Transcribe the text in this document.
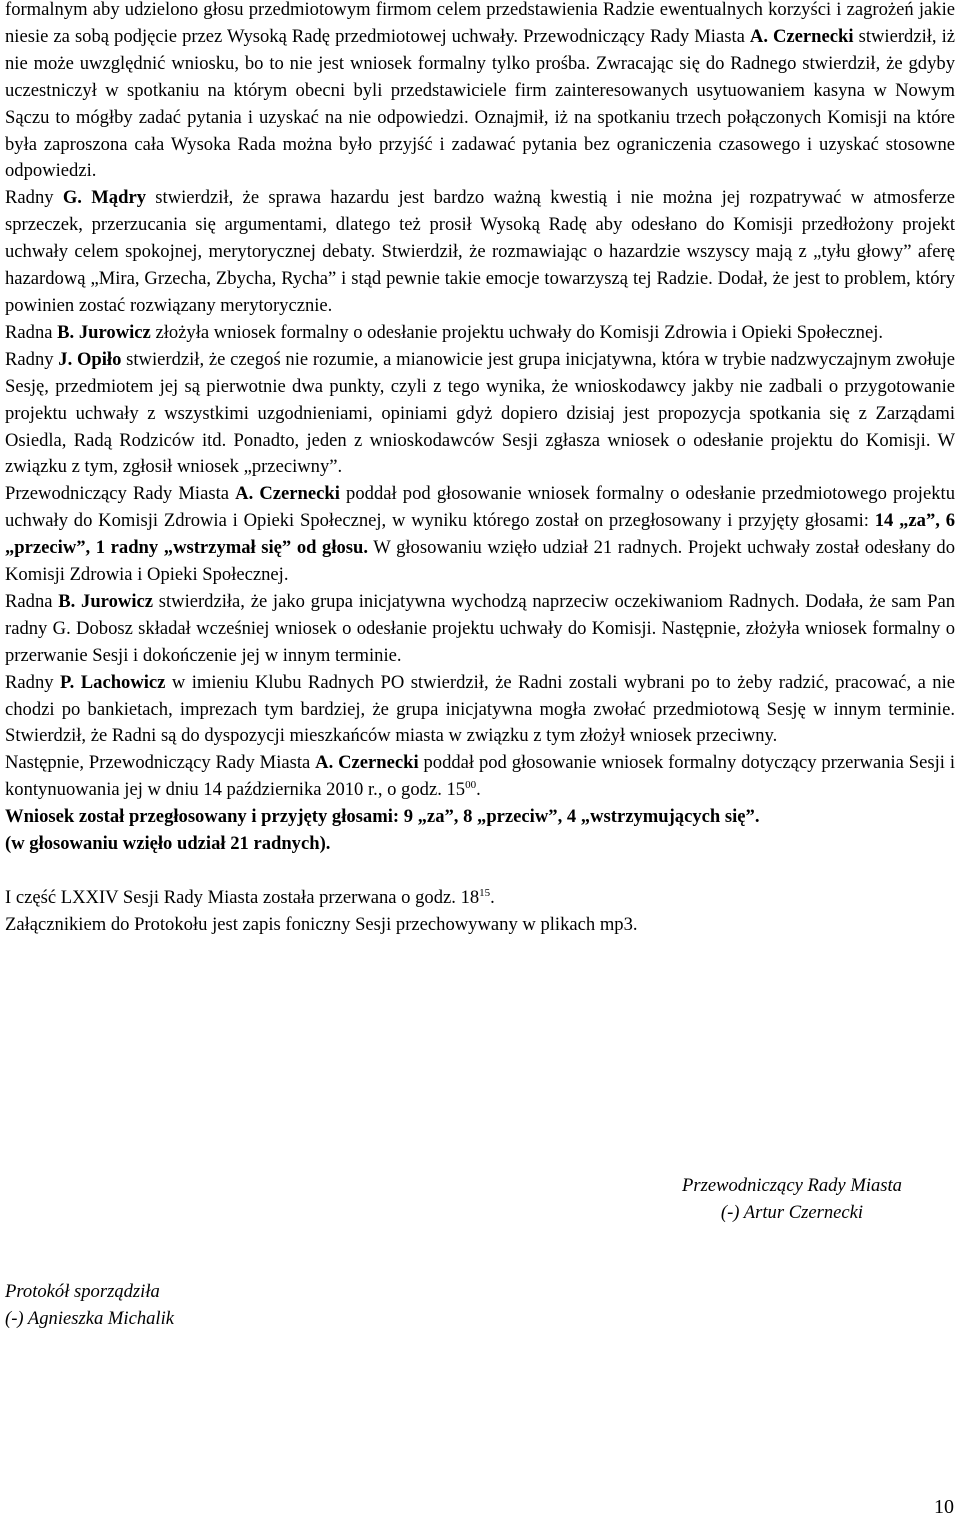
formalnym aby udzielono głosu przedmiotowym firmom celem przedstawienia Radzie ewentualnych korzyści i zagrożeń jakie niesie za sobą podjęcie przez Wysoką Radę przedmiotowej uchwały. Przewodniczący Rady Miasta A. Czernecki stwierdził, iż nie może uwzględnić wniosku, bo to nie jest wniosek formalny tylko prośba. Zwracając się do Radnego stwierdził, że gdyby uczestniczył w spotkaniu na którym obecni byli przedstawiciele firm zainteresowanych usytuowaniem kasyna w Nowym Sączu to mógłby zadać pytania i uzyskać na nie odpowiedzi. Oznajmił, iż na spotkaniu trzech połączonych Komisji na które była zaproszona cała Wysoka Rada można było przyjść i zadawać pytania bez ograniczenia czasowego i uzyskać stosowne odpowiedzi.

Radny G. Mądry stwierdził, że sprawa hazardu jest bardzo ważną kwestią i nie można jej rozpatrywać w atmosferze sprzeczek, przerzucania się argumentami, dlatego też prosił Wysoką Radę aby odesłano do Komisji przedłożony projekt uchwały celem spokojnej, merytorycznej debaty. Stwierdził, że rozmawiając o hazardzie wszyscy mają z „tyłu głowy” aferę hazardową „Mira, Grzecha, Zbycha, Rycha” i stąd pewnie takie emocje towarzyszą tej Radzie. Dodał, że jest to problem, który powinien zostać rozwiązany merytorycznie.

Radna B. Jurowicz złożyła wniosek formalny o odesłanie projektu uchwały do Komisji Zdrowia i Opieki Społecznej.

Radny J. Opiło stwierdził, że czegoś nie rozumie, a mianowicie jest grupa inicjatywna, która w trybie nadzwyczajnym zwołuje Sesję, przedmiotem jej są pierwotnie dwa punkty, czyli z tego wynika, że wnioskodawcy jakby nie zadbali o przygotowanie projektu uchwały z wszystkimi uzgodnieniami, opiniami gdyż dopiero dzisiaj jest propozycja spotkania się z Zarządami Osiedla, Radą Rodziców itd. Ponadto, jeden z wnioskodawców Sesji zgłasza wniosek o odesłanie projektu do Komisji. W związku z tym, zgłosił wniosek „przeciwny”.

Przewodniczący Rady Miasta A. Czernecki poddał pod głosowanie wniosek formalny o odesłanie przedmiotowego projektu uchwały do Komisji Zdrowia i Opieki Społecznej, w wyniku którego został on przegłosowany i przyjęty głosami: 14 „za”, 6 „przeciw”, 1 radny „wstrzymał się” od głosu. W głosowaniu wzięło udział 21 radnych. Projekt uchwały został odesłany do Komisji Zdrowia i Opieki Społecznej.

Radna B. Jurowicz stwierdziła, że jako grupa inicjatywna wychodzą naprzeciw oczekiwaniom Radnych. Dodała, że sam Pan radny G. Dobosz składał wcześniej wniosek o odesłanie projektu uchwały do Komisji. Następnie, złożyła wniosek formalny o przerwanie Sesji i dokończenie jej w innym terminie.

Radny P. Lachowicz w imieniu Klubu Radnych PO stwierdził, że Radni zostali wybrani po to żeby radzić, pracować, a nie chodzi po bankietach, imprezach tym bardziej, że grupa inicjatywna mogła zwołać przedmiotową Sesję w innym terminie. Stwierdził, że Radni są do dyspozycji mieszkańców miasta w związku z tym złożył wniosek przeciwny.

Następnie, Przewodniczący Rady Miasta A. Czernecki poddał pod głosowanie wniosek formalny dotyczący przerwania Sesji i kontynuowania jej w dniu 14 października 2010 r., o godz. $15^{00}$.

Wniosek został przegłosowany i przyjęty głosami: 9 „za”, 8 „przeciw”, 4 „wstrzymujących się”.

(w głosowaniu wzięło udział 21 radnych).

I część LXXIV Sesji Rady Miasta została przerwana o godz. $18^{15}$.

Załącznikiem do Protokołu jest zapis foniczny Sesji przechowywany w plikach mp3.

Przewodniczący Rady Miasta
(-) Artur Czernecki
Protokół sporządziła
(-) Agnieszka Michalik
10
